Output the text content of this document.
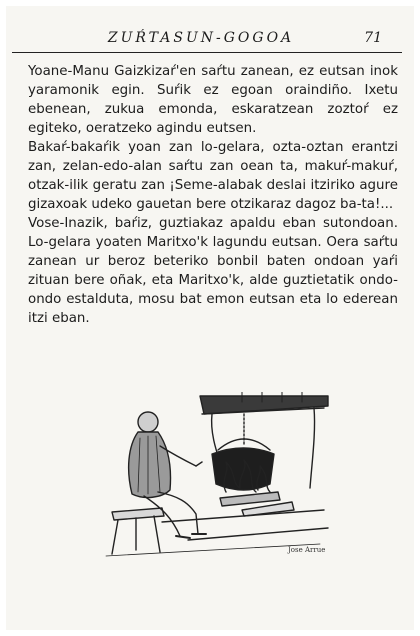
ZUŔTASUN-GOGOA	71

Yoane-Manu Gaizkizaŕ'en saŕtu zanean, ez eutsan inok yaramonik egin. Suŕik ez egoan oraindiño. Ixetu ebenean, zukua emonda, eskaratzean zoztoŕ ez egiteko, oeratzeko agindu eutsen.

Bakaŕ-bakaŕik yoan zan lo-gelara, ozta-oztan erantzi zan, zelan-edo-alan saŕtu zan oean ta, makuŕ-makuŕ, otzak-ilik geratu zan ¡Seme-alabak deslai itziriko agure gizaxoak udeko gauetan bere otzikaraz dagoz ba-ta!...

Vose-Inazik, baŕiz, guztiakaz apaldu eban sutondoan. Lo-gelara yoaten Maritxo'k lagundu eutsan. Oera saŕtu zanean ur beroz beteriko bonbil baten ondoan yaŕi zituan bere oñak, eta Maritxo'k, alde guztietatik ondo-ondo estalduta, mosu bat emon eutsan eta lo ederean itzi eban.

Jose Arrue
